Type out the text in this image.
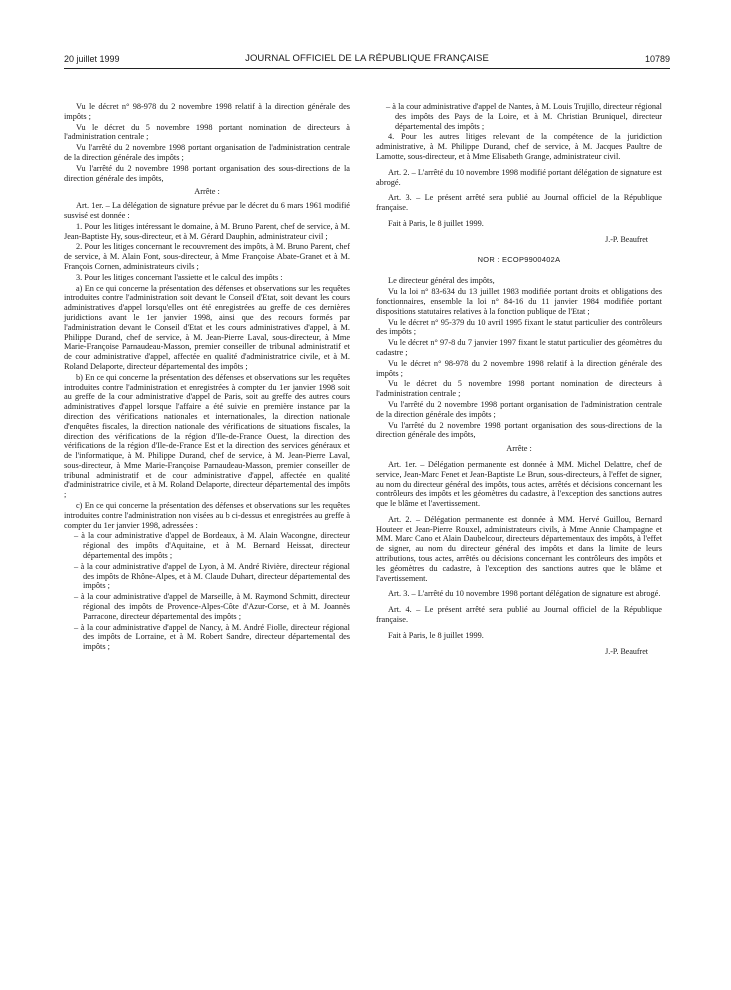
20 juillet 1999	JOURNAL OFFICIEL DE LA RÉPUBLIQUE FRANÇAISE	10789

Vu le décret n° 98-978 du 2 novembre 1998 relatif à la direction générale des impôts ;

Vu le décret du 5 novembre 1998 portant nomination de directeurs à l'administration centrale ;

Vu l'arrêté du 2 novembre 1998 portant organisation de l'administration centrale de la direction générale des impôts ;

Vu l'arrêté du 2 novembre 1998 portant organisation des sous-directions de la direction générale des impôts,

Arrête :

Art. 1er. – La délégation de signature prévue par le décret du 6 mars 1961 modifié susvisé est donnée :

1. Pour les litiges intéressant le domaine, à M. Bruno Parent, chef de service, à M. Jean-Baptiste Hy, sous-directeur, et à M. Gérard Dauphin, administrateur civil ;

2. Pour les litiges concernant le recouvrement des impôts, à M. Bruno Parent, chef de service, à M. Alain Font, sous-directeur, à Mme Françoise Abate-Granet et à M. François Cornen, administrateurs civils ;

3. Pour les litiges concernant l'assiette et le calcul des impôts :

a) En ce qui concerne la présentation des défenses et observations sur les requêtes introduites contre l'administration soit devant le Conseil d'Etat, soit devant les cours administratives d'appel lorsqu'elles ont été enregistrées au greffe de ces dernières juridictions avant le 1er janvier 1998, ainsi que des recours formés par l'administration devant le Conseil d'Etat et les cours administratives d'appel, à M. Philippe Durand, chef de service, à M. Jean-Pierre Laval, sous-directeur, à Mme Marie-Françoise Parnaudeau-Masson, premier conseiller de tribunal administratif et de cour administrative d'appel, affectée en qualité d'administratrice civile, et à M. Roland Delaporte, directeur départemental des impôts ;

b) En ce qui concerne la présentation des défenses et observations sur les requêtes introduites contre l'administration et enregistrées à compter du 1er janvier 1998 soit au greffe de la cour administrative d'appel de Paris, soit au greffe des autres cours administratives d'appel lorsque l'affaire a été suivie en première instance par la direction des vérifications nationales et internationales, la direction nationale d'enquêtes fiscales, la direction nationale des vérifications de situations fiscales, la direction des vérifications de la région d'Ile-de-France Ouest, la direction des vérifications de la région d'Ile-de-France Est et la direction des services généraux et de l'informatique, à M. Philippe Durand, chef de service, à M. Jean-Pierre Laval, sous-directeur, à Mme Marie-Françoise Parnaudeau-Masson, premier conseiller de tribunal administratif et de cour administrative d'appel, affectée en qualité d'administratrice civile, et à M. Roland Delaporte, directeur départemental des impôts ;

c) En ce qui concerne la présentation des défenses et observations sur les requêtes introduites contre l'administration non visées au b ci-dessus et enregistrées au greffe à compter du 1er janvier 1998, adressées :

– à la cour administrative d'appel de Bordeaux, à M. Alain Wacongne, directeur régional des impôts d'Aquitaine, et à M. Bernard Heissat, directeur départemental des impôts ;

– à la cour administrative d'appel de Lyon, à M. André Rivière, directeur régional des impôts de Rhône-Alpes, et à M. Claude Duhart, directeur départemental des impôts ;

– à la cour administrative d'appel de Marseille, à M. Raymond Schmitt, directeur régional des impôts de Provence-Alpes-Côte d'Azur-Corse, et à M. Joannès Parracone, directeur départemental des impôts ;

– à la cour administrative d'appel de Nancy, à M. André Fiolle, directeur régional des impôts de Lorraine, et à M. Robert Sandre, directeur départemental des impôts ;

– à la cour administrative d'appel de Nantes, à M. Louis Trujillo, directeur régional des impôts des Pays de la Loire, et à M. Christian Bruniquel, directeur départemental des impôts ;

4. Pour les autres litiges relevant de la compétence de la juridiction administrative, à M. Philippe Durand, chef de service, à M. Jacques Paultre de Lamotte, sous-directeur, et à Mme Elisabeth Grange, administrateur civil.

Art. 2. – L'arrêté du 10 novembre 1998 modifié portant délégation de signature est abrogé.

Art. 3. – Le présent arrêté sera publié au Journal officiel de la République française.

Fait à Paris, le 8 juillet 1999.

J.-P. Beaufret

NOR : ECOP9900402A

Le directeur général des impôts,

Vu la loi n° 83-634 du 13 juillet 1983 modifiée portant droits et obligations des fonctionnaires, ensemble la loi n° 84-16 du 11 janvier 1984 modifiée portant dispositions statutaires relatives à la fonction publique de l'Etat ;

Vu le décret n° 95-379 du 10 avril 1995 fixant le statut particulier des contrôleurs des impôts ;

Vu le décret n° 97-8 du 7 janvier 1997 fixant le statut particulier des géomètres du cadastre ;

Vu le décret n° 98-978 du 2 novembre 1998 relatif à la direction générale des impôts ;

Vu le décret du 5 novembre 1998 portant nomination de directeurs à l'administration centrale ;

Vu l'arrêté du 2 novembre 1998 portant organisation de l'administration centrale de la direction générale des impôts ;

Vu l'arrêté du 2 novembre 1998 portant organisation des sous-directions de la direction générale des impôts,

Arrête :

Art. 1er. – Délégation permanente est donnée à MM. Michel Delattre, chef de service, Jean-Marc Fenet et Jean-Baptiste Le Brun, sous-directeurs, à l'effet de signer, au nom du directeur général des impôts, tous actes, arrêtés et décisions concernant les contrôleurs des impôts et les géomètres du cadastre, à l'exception des sanctions autres que le blâme et l'avertissement.

Art. 2. – Délégation permanente est donnée à MM. Hervé Guillou, Bernard Houteer et Jean-Pierre Rouxel, administrateurs civils, à Mme Annie Champagne et MM. Marc Cano et Alain Daubelcour, directeurs départementaux des impôts, à l'effet de signer, au nom du directeur général des impôts et dans la limite de leurs attributions, tous actes, arrêtés ou décisions concernant les contrôleurs des impôts et les géomètres du cadastre, à l'exception des sanctions autres que le blâme et l'avertissement.

Art. 3. – L'arrêté du 10 novembre 1998 portant délégation de signature est abrogé.

Art. 4. – Le présent arrêté sera publié au Journal officiel de la République française.

Fait à Paris, le 8 juillet 1999.

J.-P. Beaufret
